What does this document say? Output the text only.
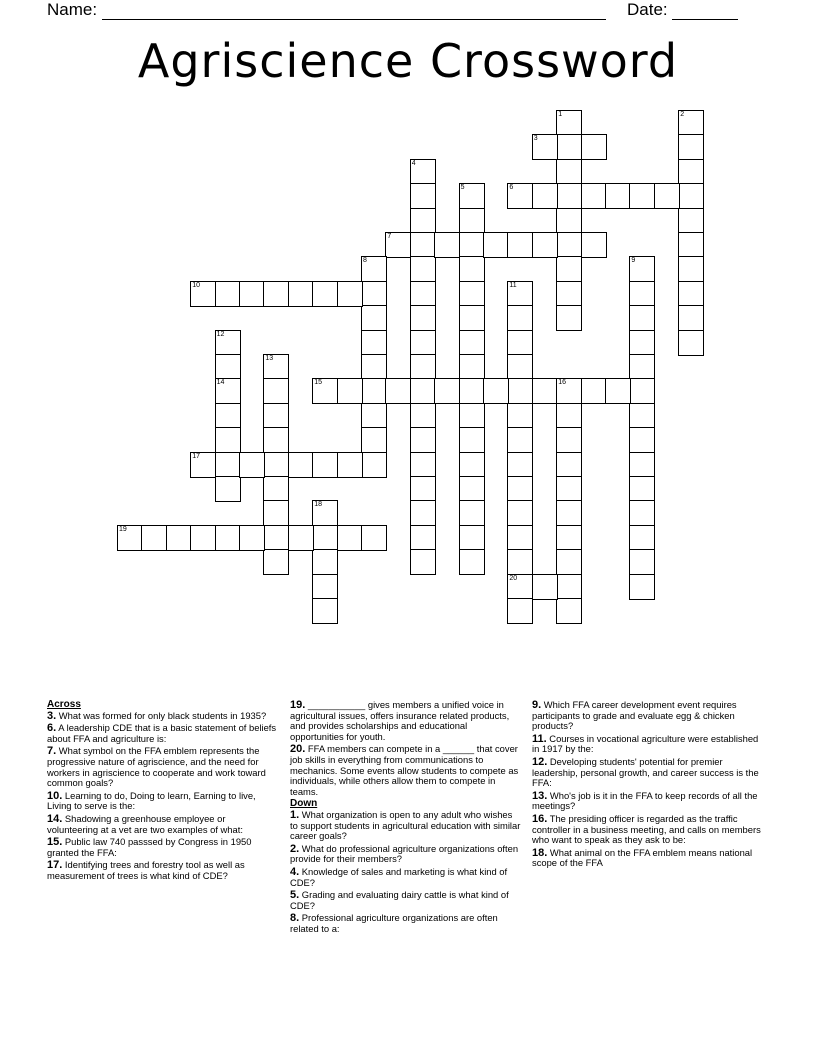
Name:	Date:
Agriscience Crossword
1	2
3
4
5	6
7
8	9
10	11
20
12
14
13
15	16
17
18
19
Across
3. What was formed for only black students in 1935?
6. A leadership CDE that is a basic statement of beliefs about FFA and agriculture is:
7. What symbol on the FFA emblem represents the progressive nature of agriscience, and the need for workers in agriscience to cooperate and work toward common goals?
10. Learning to do, Doing to learn, Earning to live, Living to serve is the:
14. Shadowing a greenhouse employee or volunteering at a vet are two examples of what:
15. Public law 740 passsed by Congress in 1950 granted the FFA:
17. Identifying trees and forestry tool as well as measurement of trees is what kind of CDE?
19. ___________ gives members a unified voice in agricultural issues, offers insurance related products, and provides scholarships and educational opportunities for youth.
20. FFA members can compete in a ______ that cover job skills in everything from communications to mechanics. Some events allow students to compete as individuals, while others allow them to compete in teams.
Down
1. What organization is open to any adult who wishes to support students in agricultural education with similar career goals?
2. What do professional agriculture organizations often provide for their members?
4. Knowledge of sales and marketing is what kind of CDE?
5. Grading and evaluating dairy cattle is what kind of CDE?
8. Professional agriculture organizations are often related to a:
9. Which FFA career development event requires participants to grade and evaluate egg & chicken products?
11. Courses in vocational agriculture were established in 1917 by the:
12. Developing students' potential for premier leadership, personal growth, and career success is the FFA:
13. Who's job is it in the FFA to keep records of all the meetings?
16. The presiding officer is regarded as the traffic controller in a business meeting, and calls on members who want to speak as they ask to be:
18. What animal on the FFA emblem means national scope of the FFA
